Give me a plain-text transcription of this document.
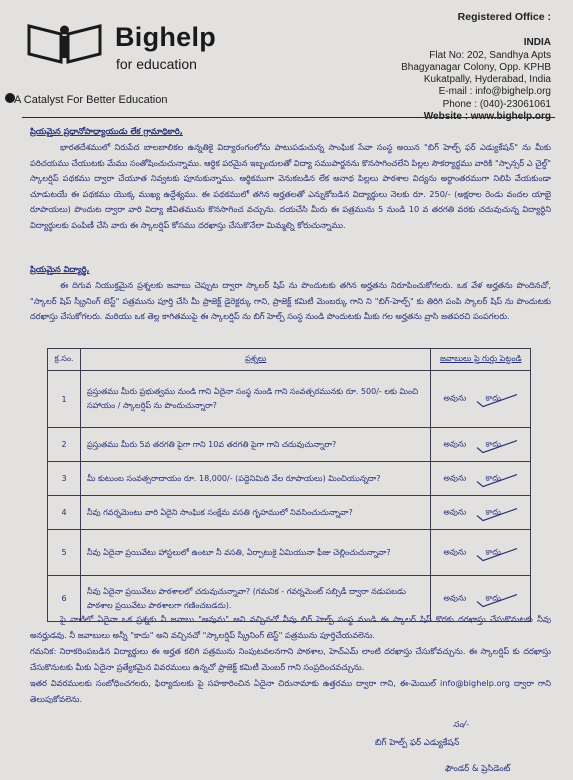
Bighelp
for education
A Catalyst For Better Education
Registered Office :
INDIA
Flat No: 202, Sandhya Apts
Bhagyanagar Colony, Opp. KPHB
Kukatpally, Hyderabad, India
E-mail : info@bighelp.org
Phone : (040)-23061061
Website : www.bighelp.org
ప్రియమైన ప్రధానోపాధ్యాయుడు లేక గ్రామాధికారి,
భారతదేశములో నిరుపేద బాలబాలికల ఉన్నతికై విద్యారంగంలోను పాటుపడుచున్న సాంఘిక సేవా సంస్థ అయిన "బిగ్ హెల్ప్ ఫర్ ఎడ్యుకేషన్" ను మీకు పరిచయము చేయుటకు మేము సంతోషించుచున్నాము. ఆర్థిక పరమైన ఇబ్బందులతో విద్యా సముపార్జనను కొనసాగించలేని పిల్లల సౌకర్యార్థము వారికి "స్పాన్సర్ ఎ చైల్డ్" స్కాలర్షిప్ పథకము ద్వారా చేయూత నివ్వటకు పూనుకున్నాము. ఆర్థికముగా వెనుకబడిన లేక అనాథ పిల్లలు పాఠశాల విద్యను అర్థాంతరముగా నిలిపి వేయకుండా చూడుటయే ఈ పథకము యొక్క ముఖ్య ఉద్దేశ్యము. ఈ పథకములో తగిన అర్హతలతో ఎన్నుకోబడిన విద్యార్థులు నెలకు రూ. 250/- (అక్షరాల రెండు వందల యాభై రూపాయలు) పొందుట ద్వారా వారి విద్యా జీవితమును కొనసాగించ వచ్చును. దయచేసి మీరు ఈ పత్రమును 5 నుండి 10 వ తరగతి వరకు చదువుచున్న విద్యార్థిని విద్యార్థులకు పంపిణీ చేసి వారు ఈ స్కాలర్షిప్ కోసము దరఖాస్తు చేసుకొనేలా మిమ్మల్ని కోరుచున్నాము.
ప్రియమైన విద్యార్థి,
ఈ దిగువ నియుక్తమైన ప్రశ్నలకు జవాబు చెప్పుట ద్వారా స్కాలర్ షిప్ ను పొందుటకు తగిన అర్హతను నిరూపించుకోగలరు. ఒక వేళ అర్హతను పొందినచో, "స్కాలర్ షిప్ స్క్రీనింగ్ టెస్ట్" పత్రమును పూర్తి చేసి మీ ప్రాజెక్ట్ డైరెక్టర్కు గాని, ప్రాజెక్ట్ కమిటీ మెంబర్కు గాని ని "బిగ్-హెల్ప్" కు తిరిగి పంపి స్కాలర్ షిప్ ను పొందుటకు దరఖాస్తు చేసుకోగలరు. మరియు ఒక తెల్ల కాగితముపై ఈ స్కాలర్షిప్ ను బిగ్ హెల్ప్ సంస్థ నుండి పొందుటకు మీకు గల అర్హతను వ్రాసి జతపరచి పంపగలరు.
క్ర.సం.	ప్రశ్నలు	జవాబులు పై గుర్తు పెట్టండి
1	ప్రస్తుతము మీరు ప్రభుత్వము నుండి గాని ఏదైనా సంస్థ నుండి గాని సంవత్సరమునకు రూ. 500/- లకు మించి సహాయం / స్కాలర్షిప్ ను పొందుచున్నారా?	అవును కాదు

2	ప్రస్తుతము మీరు 5వ తరగతి పైగా గాని 10వ తరగతి పైగా గాని చదువుచున్నారా?	అవును కాదు

3	మీ కుటుంబ సంవత్సరాదాయం రూ. 18,000/- (పద్దెనిమిది వేల రూపాయలు) మించియున్నదా?	అవును కాదు

4	నీవు గవర్నమెంటు వారి ఏదైని సాంఘిక సంక్షేమ వసతి గృహములో నివసించుచున్నావా?	అవును కాదు

5	నీవు ఏదైనా ప్రయివేటు హాస్టలులో ఉంటూ నీ వసతి, ఏర్పాటుకై ఏమియునా ఫీజు చెల్లించుచున్నావా?	అవును కాదు

6	నీవు ఏదైనా ప్రయివేటు పాఠశాలలో చదువుచున్నావా? (గమనిక - గవర్నమెంట్ సబ్సిడీ ద్వారా నడుపబడు పాఠశాల ప్రయివేటు పాఠశాలగా గణించబడదు).	అవును కాదు
పై వాటిలో ఏదైనా ఒక ప్రశ్నకు నీ జవాబు "అవును" అని వచ్చినచో నీవు బిగ్ హెల్ప్ సంస్థ నుండి ఈ స్కాలర్ షిప్ కొరకు దరఖాస్తు చేసుకొనుటకు నీవు అనర్హుడవు. నీ జవాబులు అన్నీ "కాదు" అని వచ్చినచో "స్కాలర్షిప్ స్క్రీనింగ్ టెస్ట్" పత్రమును పూర్తిచేయవలెను.
గమనిక: నిరాకరింపబడిన విద్యార్థులు ఈ అర్హత కలిగి పత్రమును నింపుటవలనగాని పాఠశాల, హెచ్ఎమ్ లాంటి దరఖాస్తు చేసుకోవచ్చును. ఈ స్కాలర్షిప్ కు దరఖాస్తు చేసుకొనుటకు మీకు ఏదైనా ప్రత్యేకమైన వివరములు ఉన్నచో ప్రాజెక్ట్ కమిటీ మెంబర్ గాని సంప్రదించవచ్చును.
ఇతర వివరములకు సంబోధించగలరు, ఫిర్యాదులకు పై సహకారించిన ఏదైనా చిరునామాకు ఉత్తరము ద్వారా గాని, ఈ-మెయిల్ info@bighelp.org ద్వారా గాని తెలుపుకోవలెను.
సం/-
బిగ్ హెల్ప్ ఫర్ ఎడ్యుకేషన్
ఫౌండర్ & ప్రెసిడెంట్
